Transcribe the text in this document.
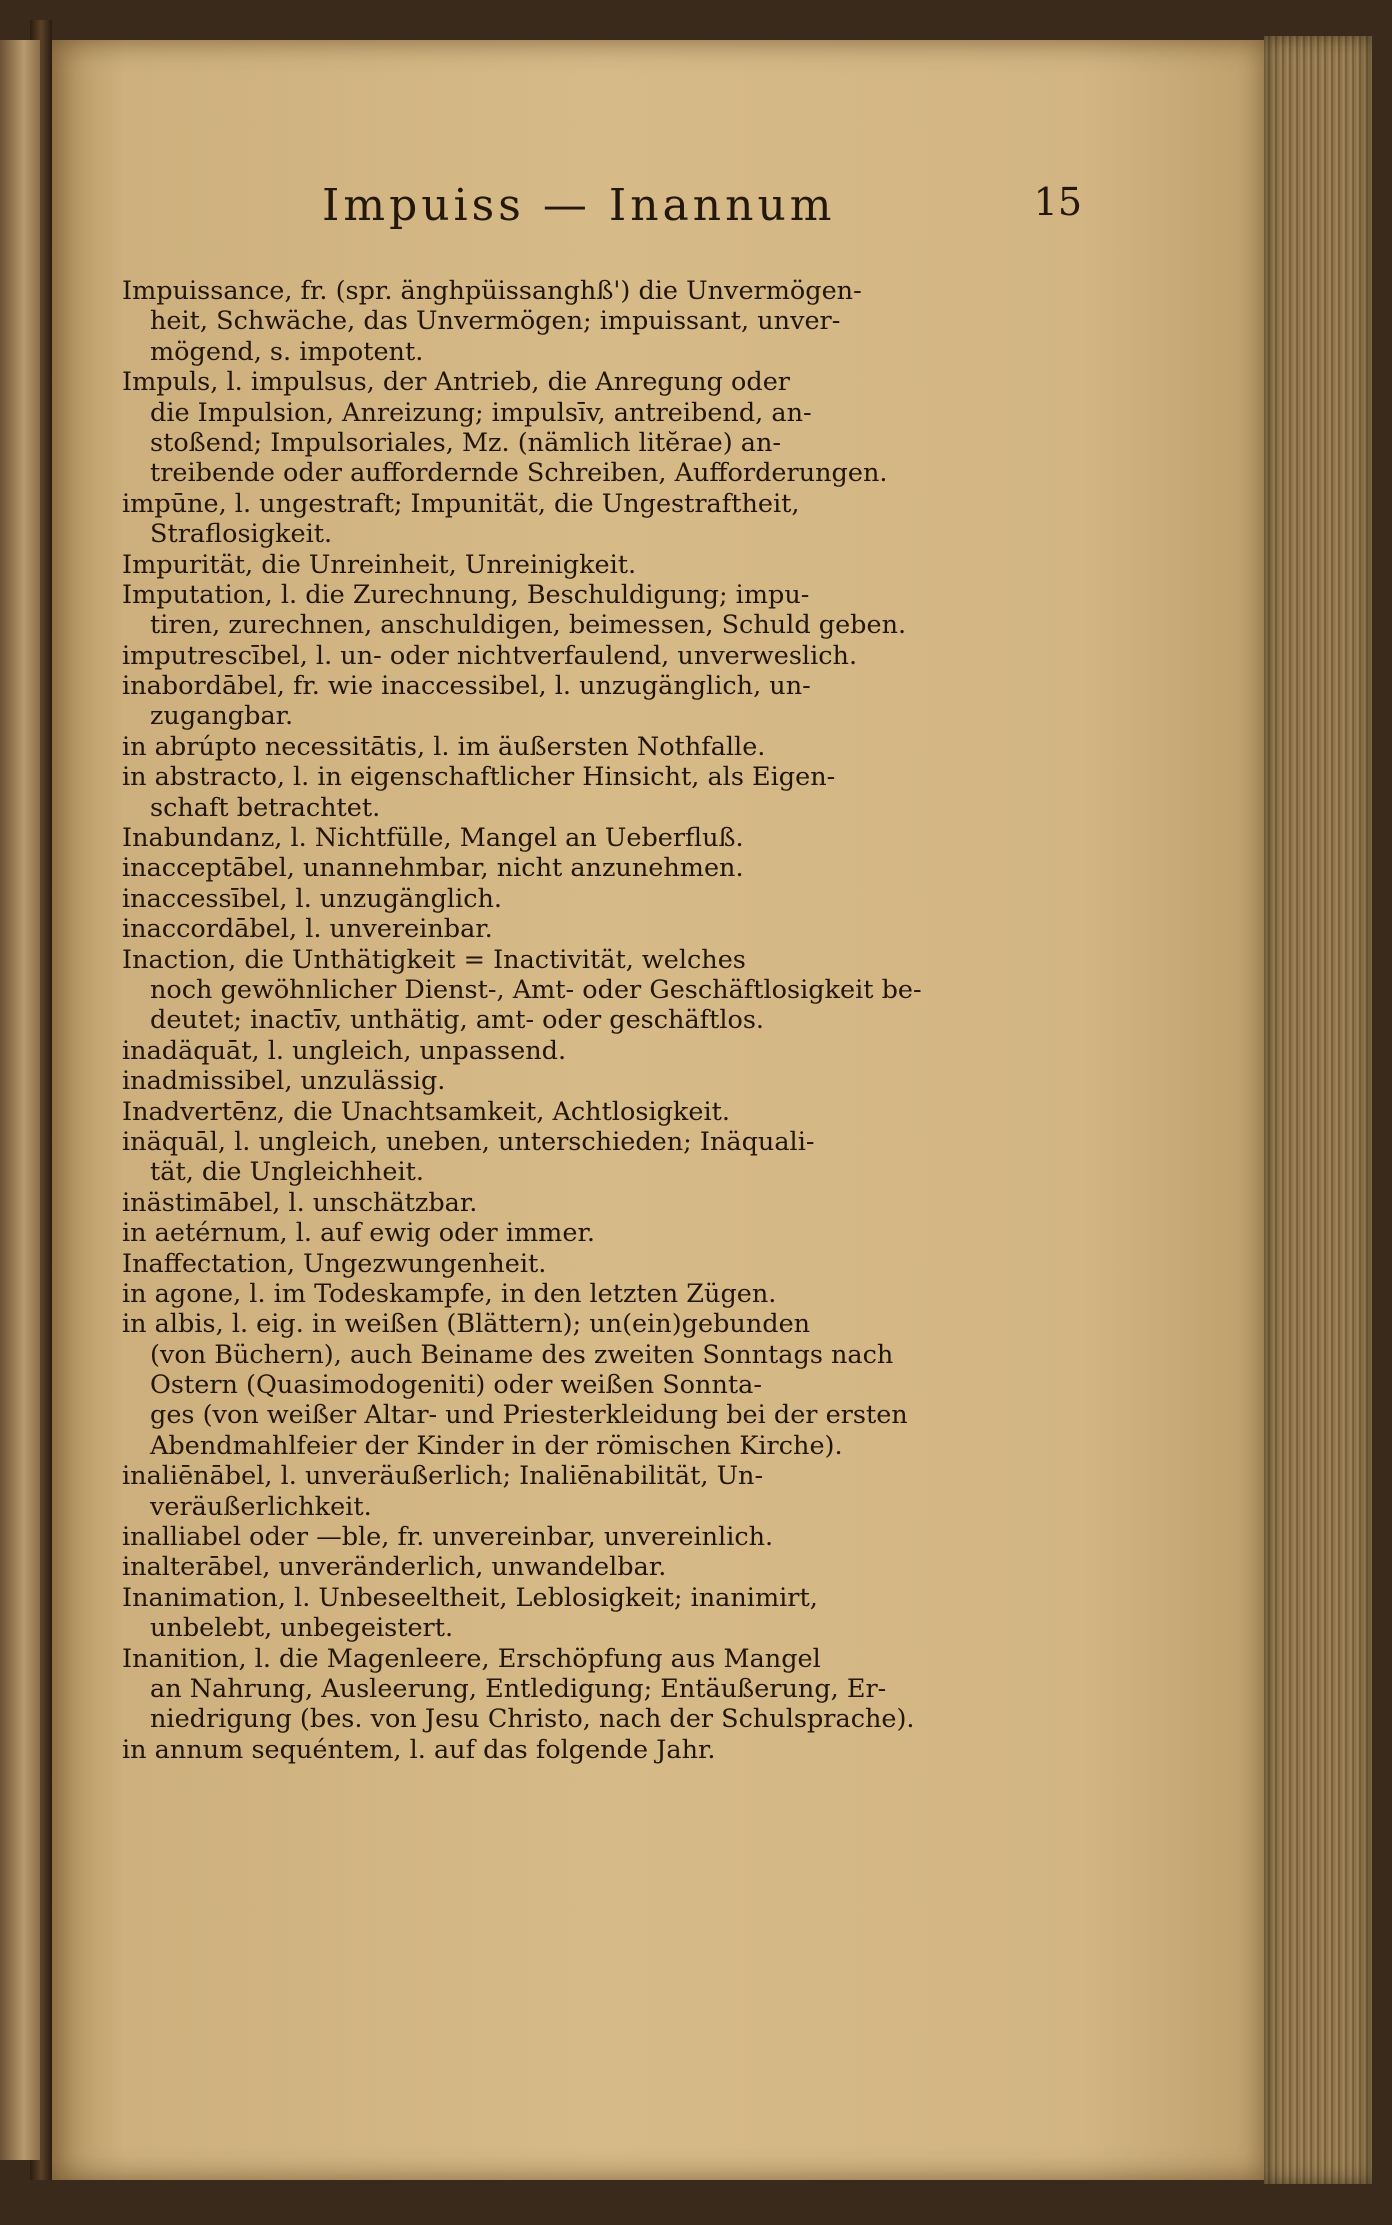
Impuiss — Inannum	15
Impuissance, fr. (spr. änghpüissanghß') die Unvermögen-
heit, Schwäche, das Unvermögen; impuissant, unver-
mögend, s. impotent.
Impuls, l. impulsus, der Antrieb, die Anregung oder
die Impulsion, Anreizung; impulsīv, antreibend, an-
stoßend; Impulsoriales, Mz. (nämlich litĕrae) an-
treibende oder auffordernde Schreiben, Aufforderungen.
impūne, l. ungestraft; Impunität, die Ungestraftheit,
Straflosigkeit.
Impurität, die Unreinheit, Unreinigkeit.
Imputation, l. die Zurechnung, Beschuldigung; impu-
tiren, zurechnen, anschuldigen, beimessen, Schuld geben.
imputrescībel, l. un- oder nichtverfaulend, unverweslich.
inabordābel, fr. wie inaccessibel, l. unzugänglich, un-
zugangbar.
in abrúpto necessitātis, l. im äußersten Nothfalle.
in abstracto, l. in eigenschaftlicher Hinsicht, als Eigen-
schaft betrachtet.
Inabundanz, l. Nichtfülle, Mangel an Ueberfluß.
inacceptābel, unannehmbar, nicht anzunehmen.
inaccessībel, l. unzugänglich.
inaccordābel, l. unvereinbar.
Inaction, die Unthätigkeit = Inactivität, welches
noch gewöhnlicher Dienst-, Amt- oder Geschäftlosigkeit be-
deutet; inactīv, unthätig, amt- oder geschäftlos.
inadäquāt, l. ungleich, unpassend.
inadmissibel, unzulässig.
Inadvertēnz, die Unachtsamkeit, Achtlosigkeit.
inäquāl, l. ungleich, uneben, unterschieden; Inäquali-
tät, die Ungleichheit.
inästimābel, l. unschätzbar.
in aetérnum, l. auf ewig oder immer.
Inaffectation, Ungezwungenheit.
in agone, l. im Todeskampfe, in den letzten Zügen.
in albis, l. eig. in weißen (Blättern); un(ein)gebunden
(von Büchern), auch Beiname des zweiten Sonntags nach
Ostern (Quasimodogeniti) oder weißen Sonnta-
ges (von weißer Altar- und Priesterkleidung bei der ersten
Abendmahlfeier der Kinder in der römischen Kirche).
inaliēnābel, l. unveräußerlich; Inaliēnabilität, Un-
veräußerlichkeit.
inalliabel oder —ble, fr. unvereinbar, unvereinlich.
inalterābel, unveränderlich, unwandelbar.
Inanimation, l. Unbeseeltheit, Leblosigkeit; inanimirt,
unbelebt, unbegeistert.
Inanition, l. die Magenleere, Erschöpfung aus Mangel
an Nahrung, Ausleerung, Entledigung; Entäußerung, Er-
niedrigung (bes. von Jesu Christo, nach der Schulsprache).
in annum sequéntem, l. auf das folgende Jahr.
